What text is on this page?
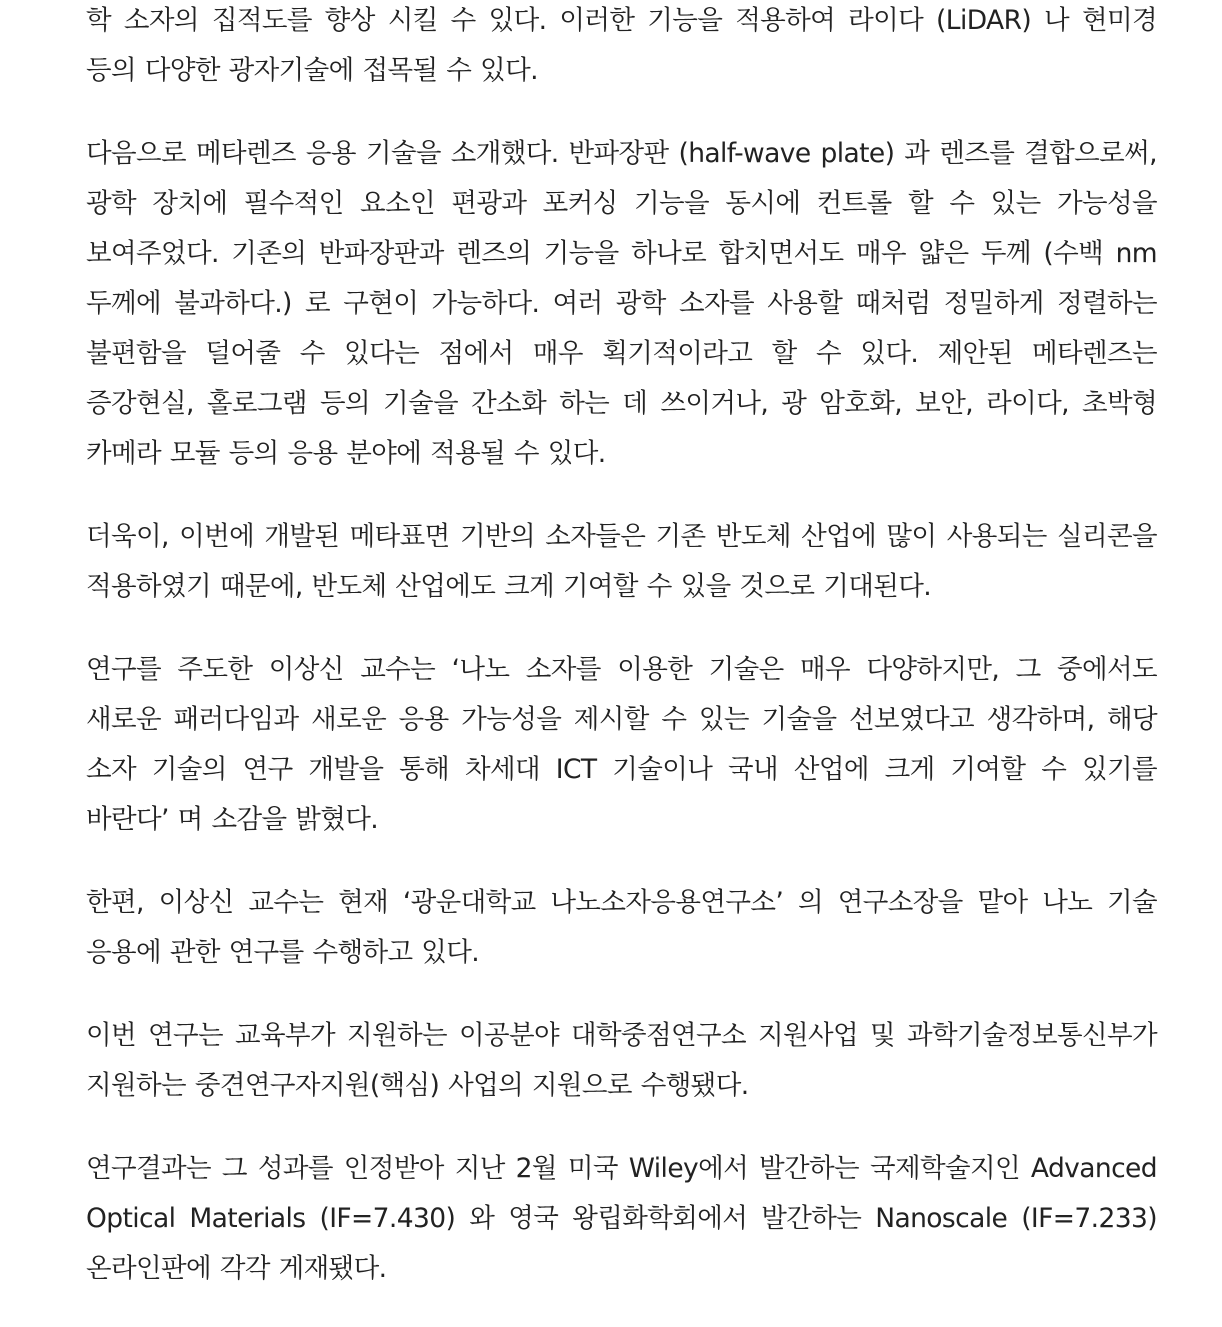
학 소자의 집적도를 향상 시킬 수 있다. 이러한 기능을 적용하여 라이다 (LiDAR) 나 현미경 등의 다양한 광자기술에 접목될 수 있다.

다음으로 메타렌즈 응용 기술을 소개했다. 반파장판 (half-wave plate) 과 렌즈를 결합으로써, 광학 장치에 필수적인 요소인 편광과 포커싱 기능을 동시에 컨트롤 할 수 있는 가능성을 보여주었다. 기존의 반파장판과 렌즈의 기능을 하나로 합치면서도 매우 얇은 두께 (수백 nm 두께에 불과하다.) 로 구현이 가능하다. 여러 광학 소자를 사용할 때처럼 정밀하게 정렬하는 불편함을 덜어줄 수 있다는 점에서 매우 획기적이라고 할 수 있다. 제안된 메타렌즈는 증강현실, 홀로그램 등의 기술을 간소화 하는 데 쓰이거나, 광 암호화, 보안, 라이다, 초박형 카메라 모듈 등의 응용 분야에 적용될 수 있다.

더욱이, 이번에 개발된 메타표면 기반의 소자들은 기존 반도체 산업에 많이 사용되는 실리콘을 적용하였기 때문에, 반도체 산업에도 크게 기여할 수 있을 것으로 기대된다.

연구를 주도한 이상신 교수는 ‘나노 소자를 이용한 기술은 매우 다양하지만, 그 중에서도 새로운 패러다임과 새로운 응용 가능성을 제시할 수 있는 기술을 선보였다고 생각하며, 해당 소자 기술의 연구 개발을 통해 차세대 ICT 기술이나 국내 산업에 크게 기여할 수 있기를 바란다’ 며 소감을 밝혔다.

한편, 이상신 교수는 현재 ‘광운대학교 나노소자응용연구소’ 의 연구소장을 맡아 나노 기술 응용에 관한 연구를 수행하고 있다.

이번 연구는 교육부가 지원하는 이공분야 대학중점연구소 지원사업 및 과학기술정보통신부가 지원하는 중견연구자지원(핵심) 사업의 지원으로 수행됐다.

연구결과는 그 성과를 인정받아 지난 2월 미국 Wiley에서 발간하는 국제학술지인 Advanced Optical Materials (IF=7.430) 와 영국 왕립화학회에서 발간하는 Nanoscale (IF=7.233) 온라인판에 각각 게재됐다.
